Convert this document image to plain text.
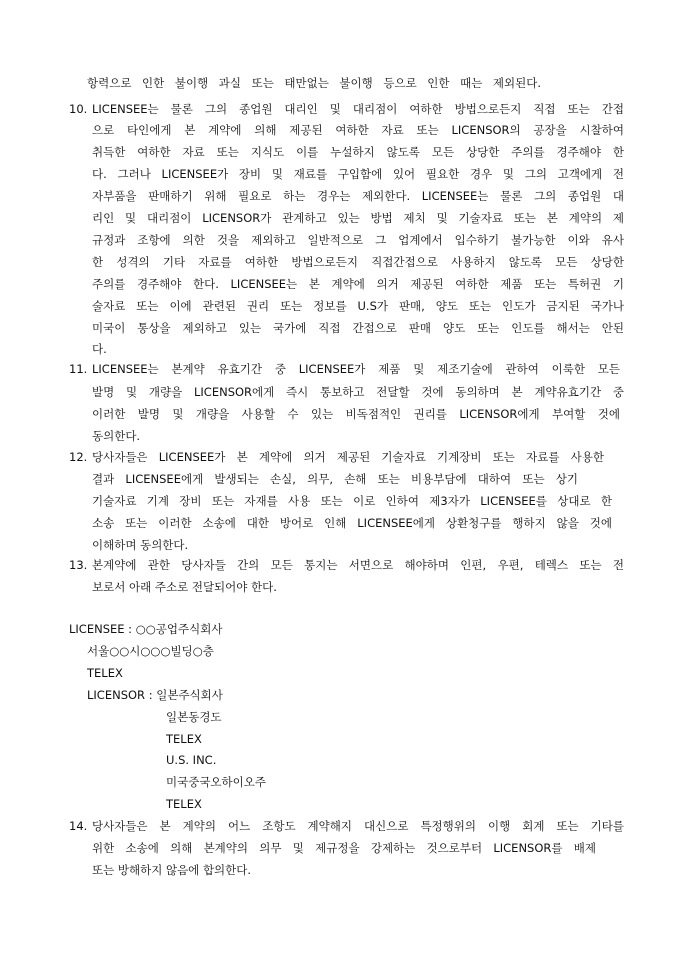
항력으로 인한 불이행 과실 또는 태만없는 불이행 등으로 인한 때는 제외된다.
10. LICENSEE는 물론 그의 종업원 대리인 및 대리점이 여하한 방법으로든지 직접 또는 간접
으로 타인에게 본 계약에 의해 제공된 여하한 자료 또는 LICENSOR의 공장을 시찰하여
취득한 여하한 자료 또는 지식도 이를 누설하지 않도록 모든 상당한 주의를 경주해야 한
다. 그러나 LICENSEE가 장비 및 재료를 구입함에 있어 필요한 경우 및 그의 고객에게 전
자부품을 판매하기 위해 필요로 하는 경우는 제외한다. LICENSEE는 물론 그의 종업원 대
리인 및 대리점이 LICENSOR가 관계하고 있는 방법 제치 및 기술자료 또는 본 계약의 제
규정과 조항에 의한 것을 제외하고 일반적으로 그 업계에서 입수하기 불가능한 이와 유사
한 성격의 기타 자료를 여하한 방법으로든지 직접간접으로 사용하지 않도록 모든 상당한
주의를 경주해야 한다. LICENSEE는 본 계약에 의거 제공된 여하한 제품 또는 특허권 기
술자료 또는 이에 관련된 권리 또는 정보를 U.S가 판매, 양도 또는 인도가 금지된 국가나
미국이 통상을 제외하고 있는 국가에 직접 간접으로 판매 양도 또는 인도를 해서는 안된
다.
11. LICENSEE는 본계약 유효기간 중 LICENSEE가 제품 및 제조기술에 관하여 이룩한 모든
발명 및 개량을 LICENSOR에게 즉시 통보하고 전달할 것에 동의하며 본 계약유효기간 중
이러한 발명 및 개량을 사용할 수 있는 비독점적인 권리를 LICENSOR에게 부여할 것에
동의한다.
12. 당사자들은 LICENSEE가 본 계약에 의거 제공된 기술자료 기계장비 또는 자료를 사용한
결과 LICENSEE에게 발생되는 손실, 의무, 손해 또는 비용부담에 대하여 또는 상기
기술자료 기계 장비 또는 자재를 사용 또는 이로 인하여 제3자가 LICENSEE를 상대로 한
소송 또는 이러한 소송에 대한 방어로 인해 LICENSEE에게 상환청구를 행하지 않을 것에
이해하며 동의한다.
13. 본계약에 관한 당사자들 간의 모든 통지는 서면으로 해야하며 인편, 우편, 테렉스 또는 전
보로서 아래 주소로 전달되어야 한다.
LICENSEE : ○○공업주식회사
서울○○시○○○빌딩○층
TELEX
LICENSOR : 일본주식회사
일본동경도
TELEX
U.S. INC.
미국중국오하이오주
TELEX
14. 당사자들은 본 계약의 어느 조항도 계약해지 대신으로 특정행위의 이행 회계 또는 기타를
위한 소송에 의해 본계약의 의무 및 제규정을 강제하는 것으로부터 LICENSOR를 배제
또는 방해하지 않음에 합의한다.
